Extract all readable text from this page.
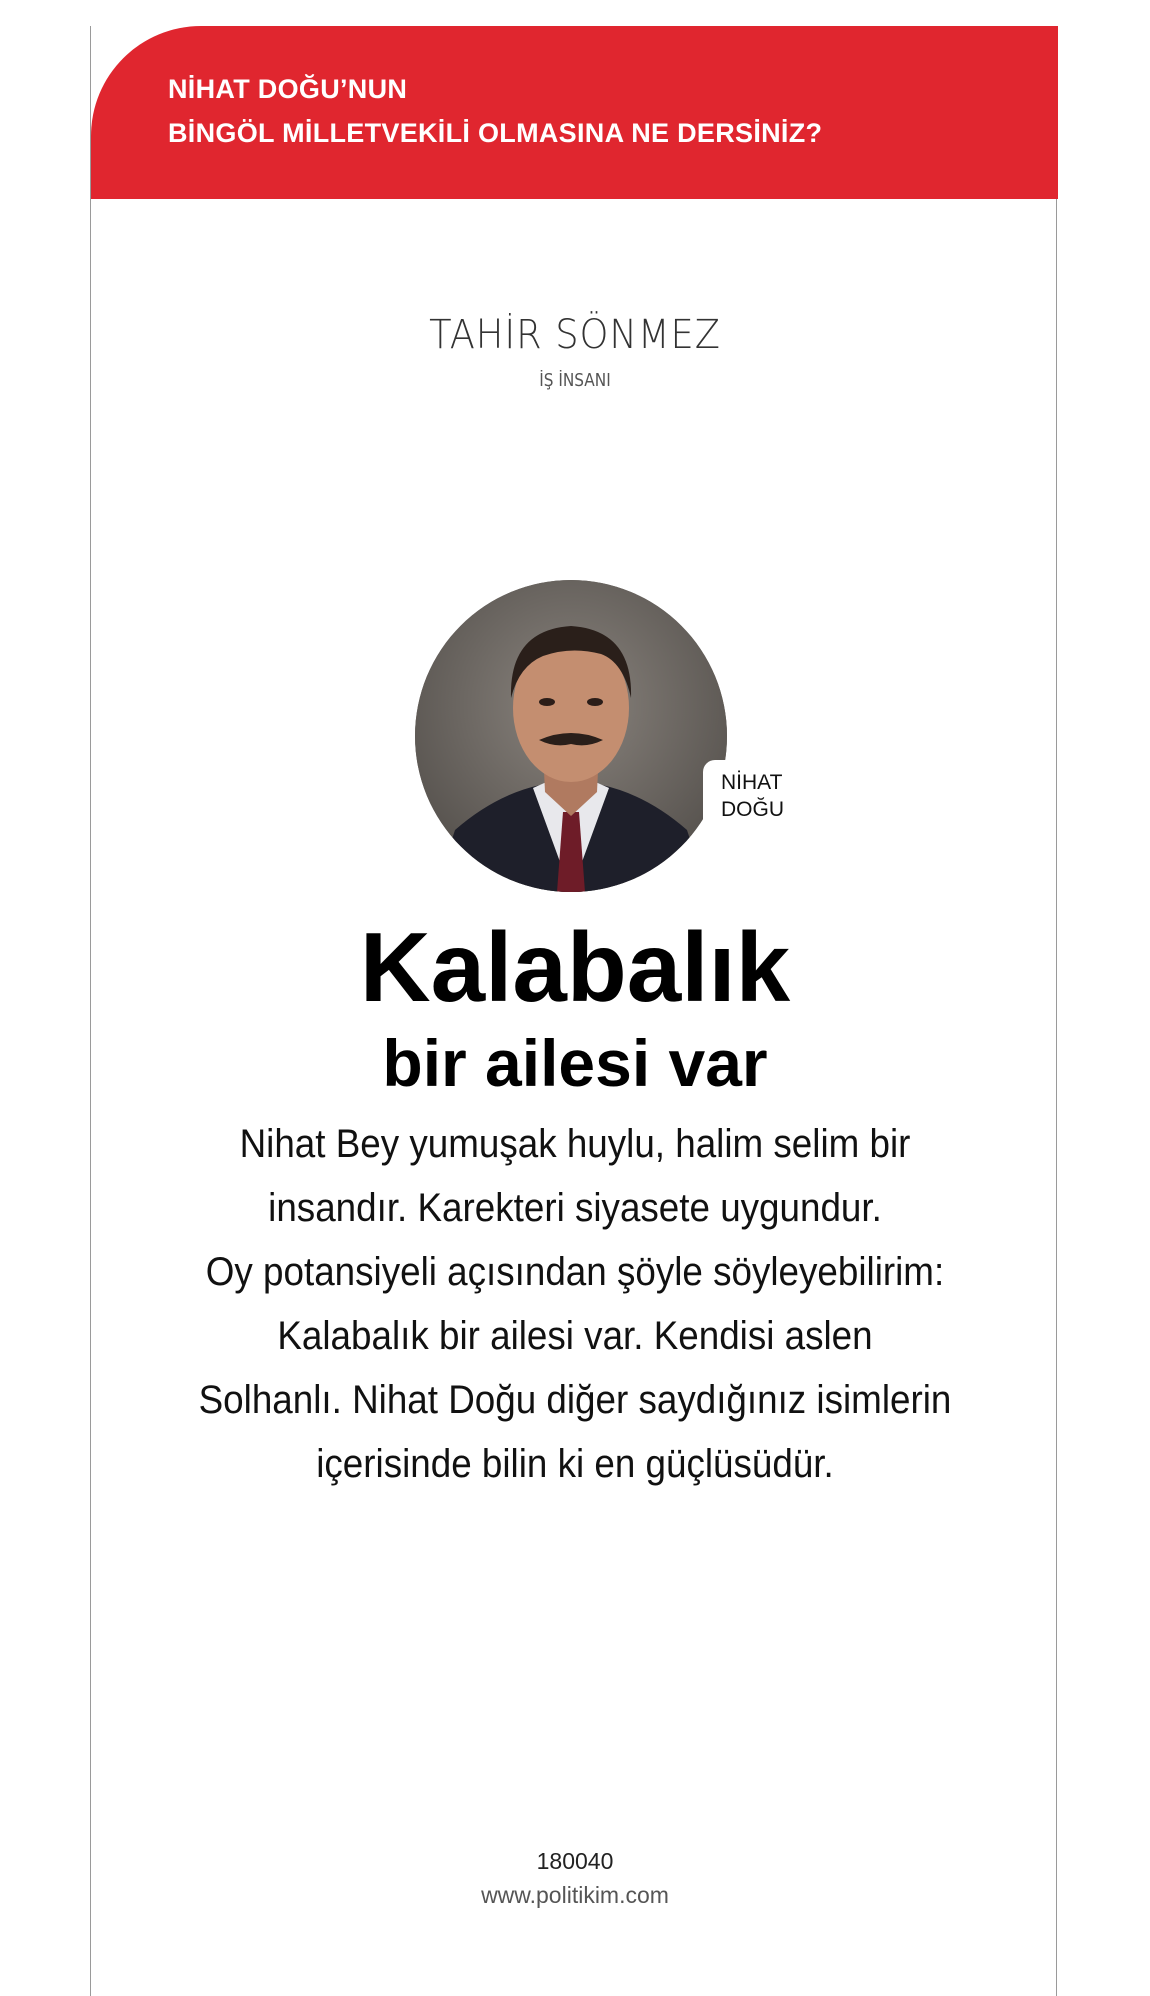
NİHAT DOĞU’NUN
BİNGÖL MİLLETVEKİLİ OLMASINA NE DERSİNİZ?
TAHİR SÖNMEZ
İŞ İNSANI
NİHAT
DOĞU
Kalabalık
bir ailesi var
Nihat Bey yumuşak huylu, halim selim bir
insandır. Karekteri siyasete uygundur.
Oy potansiyeli açısından şöyle söyleyebilirim:
Kalabalık bir ailesi var. Kendisi aslen
Solhanlı. Nihat Doğu diğer saydığınız isimlerin
içerisinde bilin ki en güçlüsüdür.
180040
www.politikim.com
